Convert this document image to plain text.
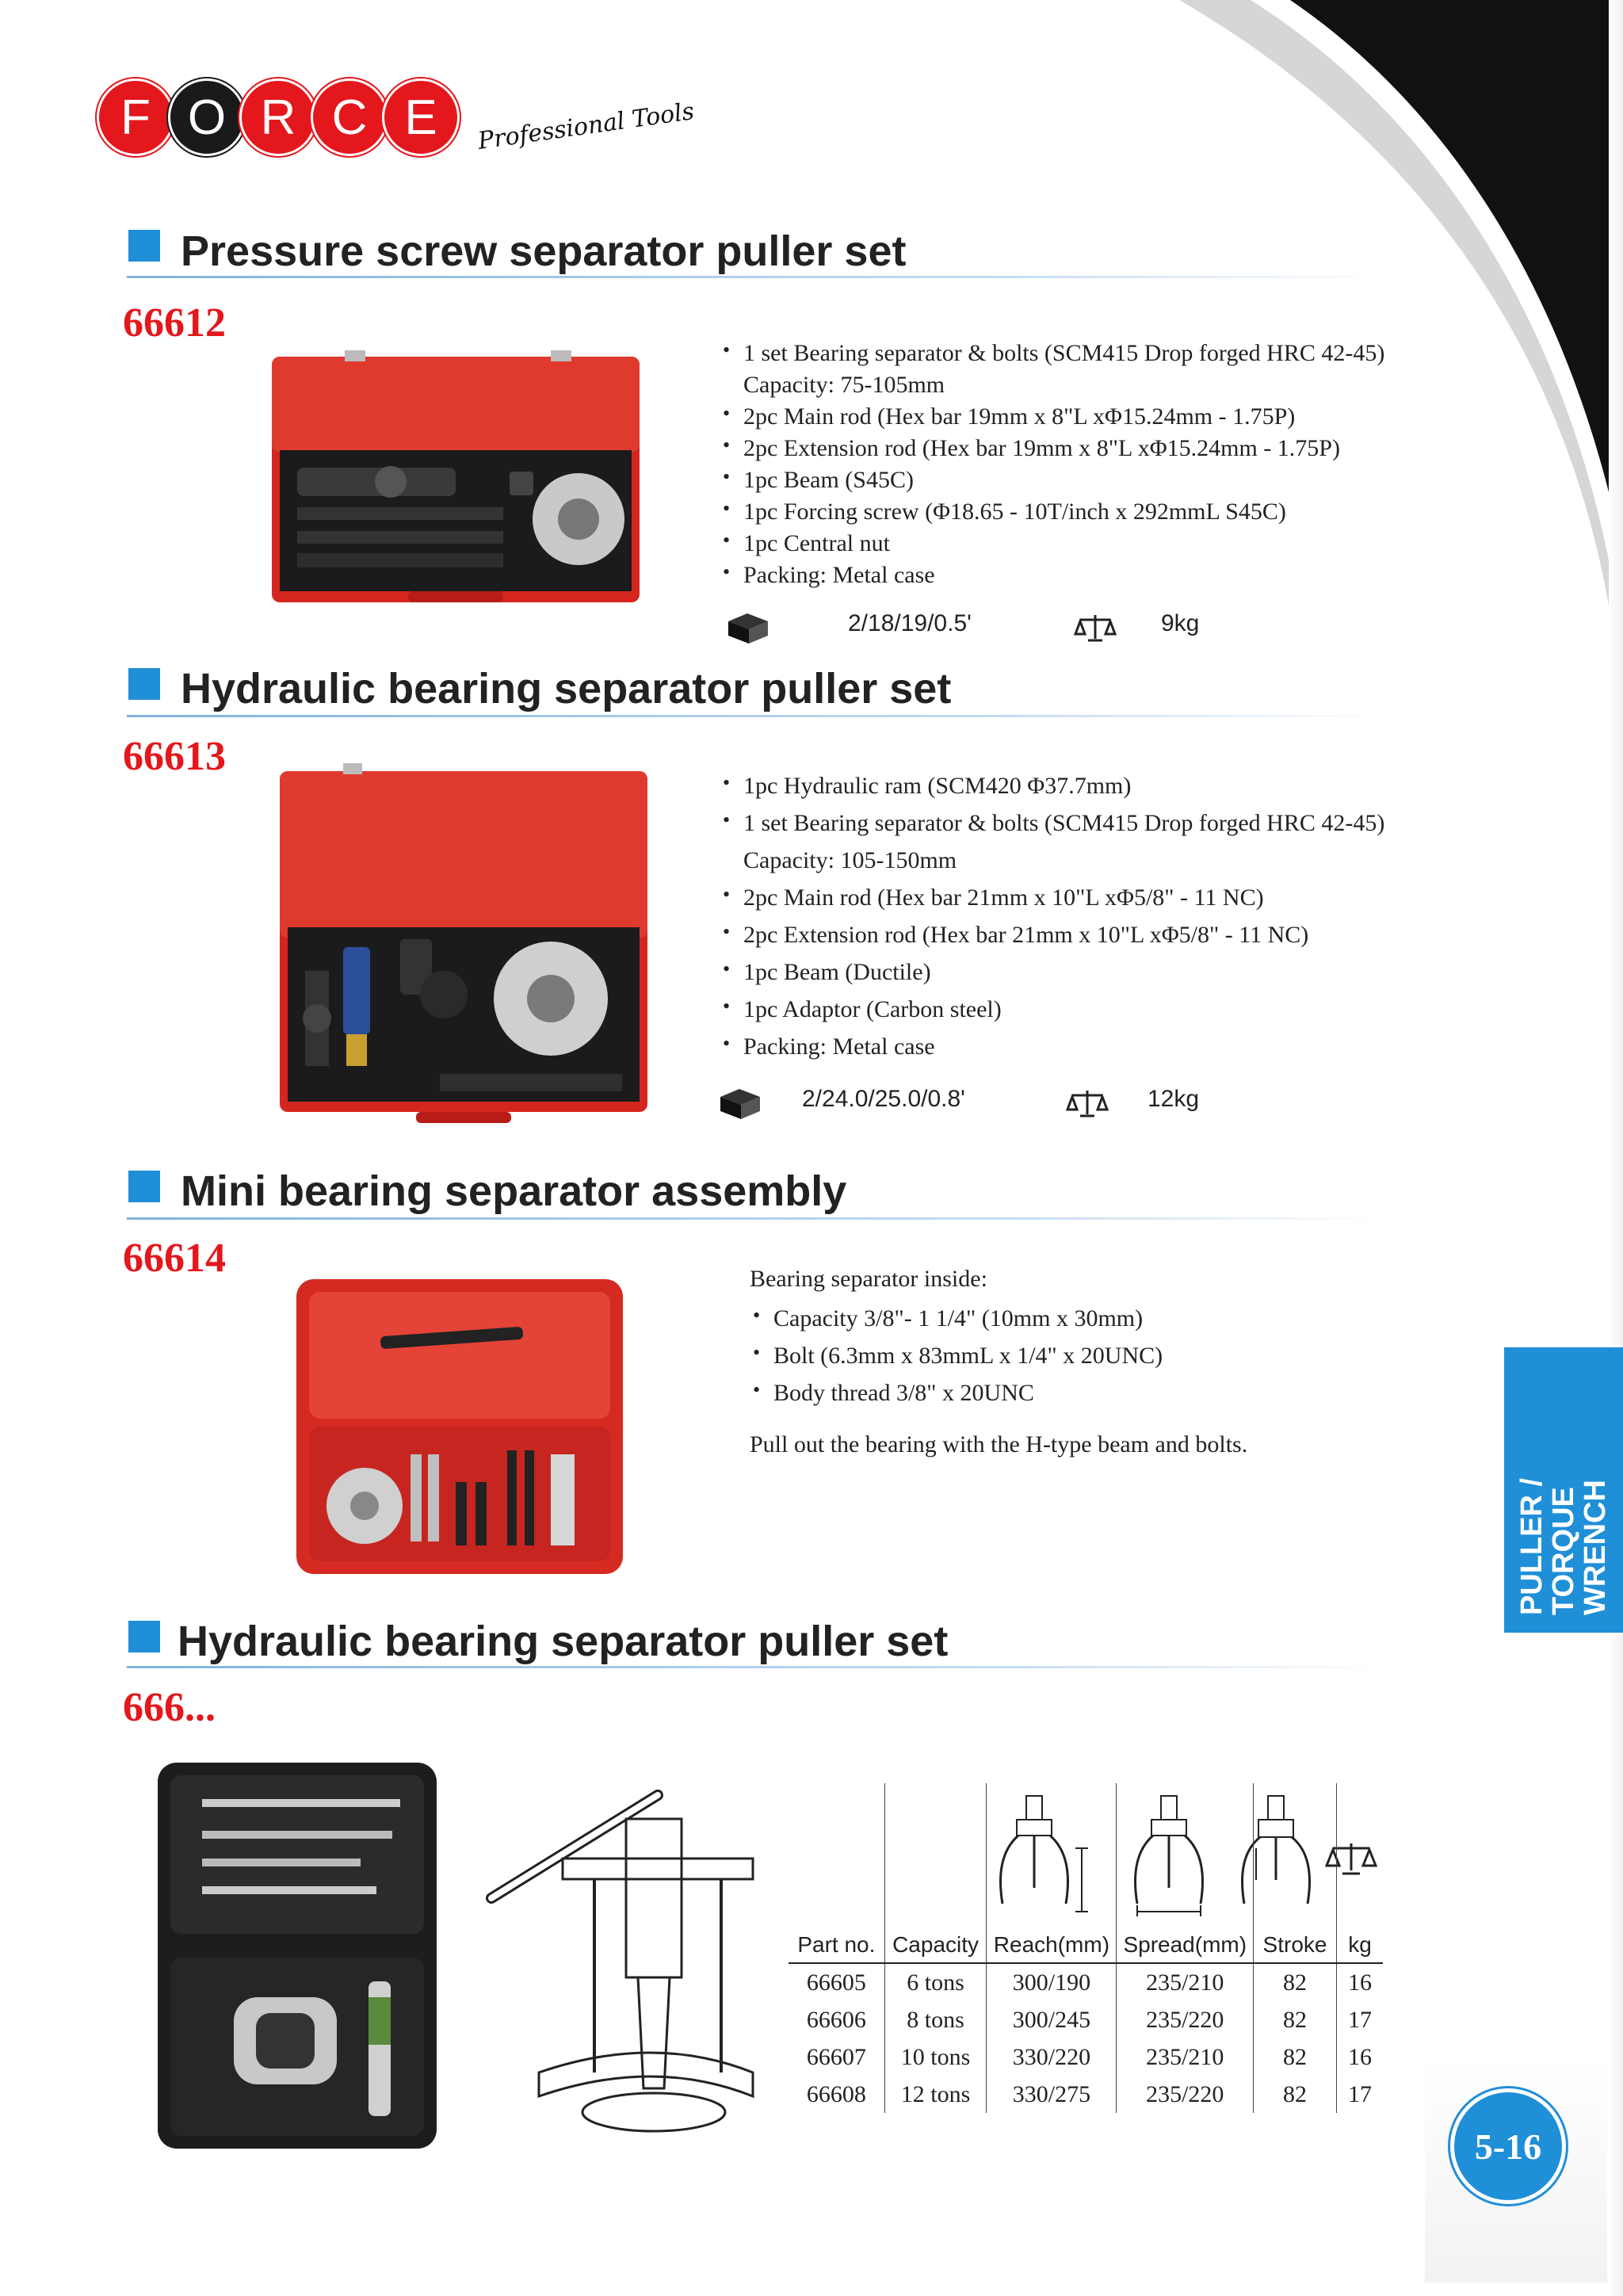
F O R C E	Professional Tools
Pressure screw separator puller set
66612
• 1 set Bearing separator & bolts (SCM415 Drop forged HRC 42-45)
Capacity: 75-105mm
• 2pc Main rod (Hex bar 19mm x 8"L xΦ15.24mm - 1.75P)
• 2pc Extension rod (Hex bar 19mm x 8"L xΦ15.24mm - 1.75P)
• 1pc Beam (S45C)
• 1pc Forcing screw (Φ18.65 - 10T/inch x 292mmL S45C)
• 1pc Central nut
• Packing: Metal case
2/18/19/0.5'	9kg
Hydraulic bearing separator puller set
66613
• 1pc Hydraulic ram (SCM420 Φ37.7mm)
• 1 set Bearing separator & bolts (SCM415 Drop forged HRC 42-45)
Capacity: 105-150mm
• 2pc Main rod (Hex bar 21mm x 10"L xΦ5/8" - 11 NC)
• 2pc Extension rod (Hex bar 21mm x 10"L xΦ5/8" - 11 NC)
• 1pc Beam (Ductile)
• 1pc Adaptor (Carbon steel)
• Packing: Metal case
2/24.0/25.0/0.8'	12kg
Mini bearing separator assembly
66614	Bearing separator inside:
• Capacity 3/8"- 1 1/4" (10mm x 30mm)
• Bolt (6.3mm x 83mmL x 1/4" x 20UNC)
• Body thread 3/8" x 20UNC
Pull out the bearing with the H-type beam and bolts.
PULLER /
TORQUE WRENCH
Hydraulic bearing separator puller set
666...

Part no.	Capacity	Reach(mm)	Spread(mm)	Stroke	kg
66605	6 tons	300/190	235/210	82	16
66606	8 tons	300/245	235/220	82	17
66607	10 tons	330/220	235/210	82	16
66608	12 tons	330/275	235/220	82	17
5-16
